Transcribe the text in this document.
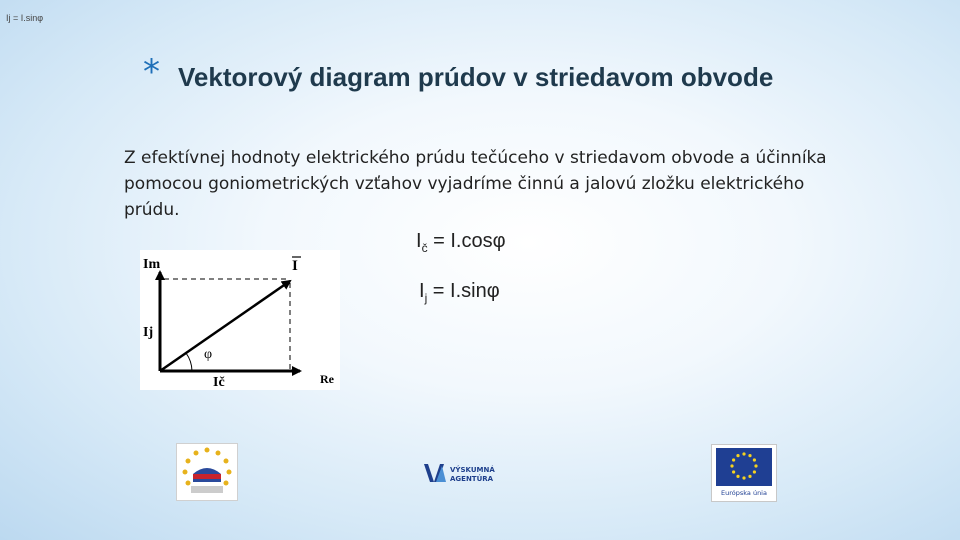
Ij = I.sinφ
* Vektorový diagram prúdov v striedavom obvode
Z efektívnej hodnoty elektrického prúdu tečúceho v striedavom obvode a účinníka pomocou goniometrických vzťahov vyjadríme činnú a jalovú zložku elektrického prúdu.
$I_č = I.\cos\varphi$
$I_j = I.\sin\varphi$
Im	I
Ij
φ
Ič	Re
VÝSKUMNÁ
AGENTÚRA
Európska únia
